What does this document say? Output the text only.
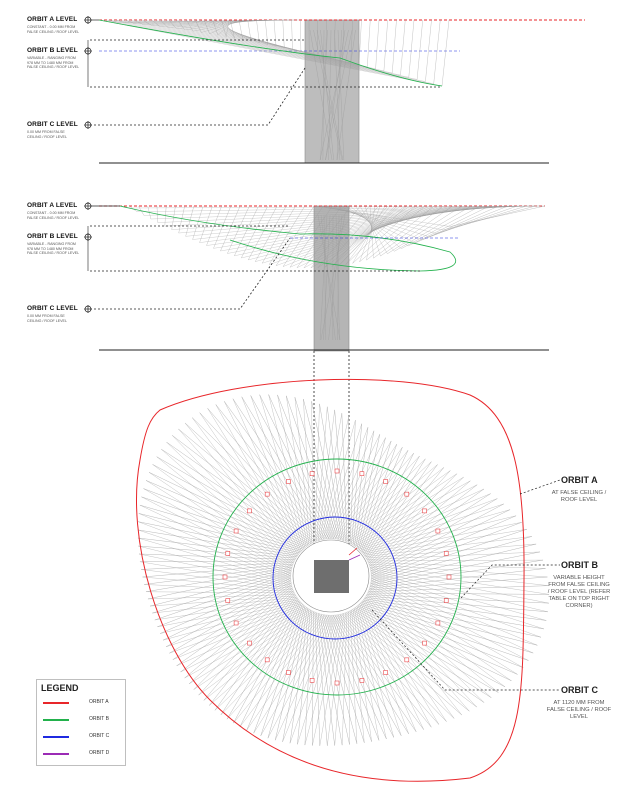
ORBIT A LEVEL
CONSTANT - 0.00 MM FROM
FALSE CEILING / ROOF LEVEL
ORBIT B LEVEL
VARIABLE - RANGING FROM
978 MM TO 1480 MM FROM
FALSE CEILING / ROOF LEVEL
ORBIT C LEVEL
0.00 MM FROM FALSE
CEILING / ROOF LEVEL
ORBIT A LEVEL
CONSTANT - 0.00 MM FROM
FALSE CEILING / ROOF LEVEL
ORBIT B LEVEL
VARIABLE - RANGING FROM
978 MM TO 1480 MM FROM
FALSE CEILING / ROOF LEVEL
ORBIT C LEVEL
0.00 MM FROM FALSE
CEILING / ROOF LEVEL
ORBIT A
AT FALSE CEILING /
ROOF LEVEL
ORBIT B
VARIABLE HEIGHT
FROM FALSE CEILING
/ ROOF LEVEL (REFER
TABLE ON TOP RIGHT
CORNER)
ORBIT C
AT 1120 MM FROM
FALSE CEILING / ROOF
LEVEL
LEGEND
ORBIT A
ORBIT B
ORBIT C
ORBIT D
